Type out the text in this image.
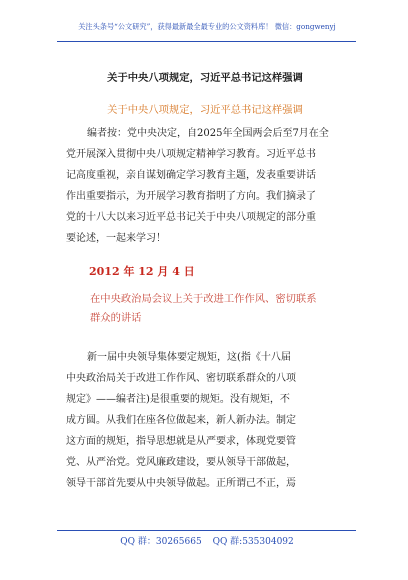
关注头条号“公文研究”，获得最新最全最专业的公文资料库！ 微信：gongwenyj
关于中央八项规定，习近平总书记这样强调
关于中央八项规定，习近平总书记这样强调

编者按：党中央决定，自2025年全国两会后至7月在全
党开展深入贯彻中央八项规定精神学习教育。习近平总书
记高度重视，亲自谋划确定学习教育主题，发表重要讲话
作出重要指示，为开展学习教育指明了方向。我们摘录了
党的十八大以来习近平总书记关于中央八项规定的部分重
要论述，一起来学习！

2012 年 12 月 4 日
在中央政治局会议上关于改进工作作风、密切联系
群众的讲话

新一届中央领导集体要定规矩，这(指《十八届
中央政治局关于改进工作作风、密切联系群众的八项
规定》——编者注)是很重要的规矩。没有规矩，不
成方圆。从我们在座各位做起来，新人新办法。制定
这方面的规矩，指导思想就是从严要求，体现党要管
党、从严治党。党风廉政建设，要从领导干部做起，
领导干部首先要从中央领导做起。正所谓己不正，焉

QQ 群：30265665 QQ 群:535304092
